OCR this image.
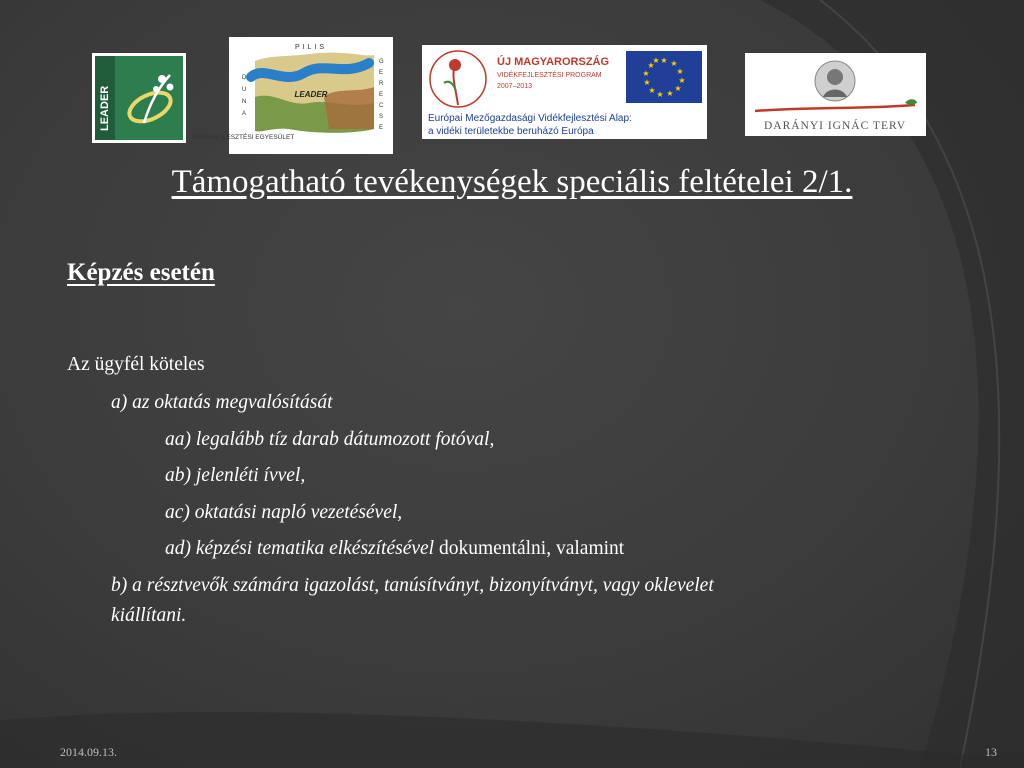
LEADER
PILIS
LEADER
VIDÉKFEJLESZTÉSI EGYESÜLET
D
U
N
A
G
E
R
E
C
S
E
ÚJ MAGYARORSZÁG
VIDÉKFEJLESZTÉSI PROGRAM
2007–2013
★ ★
★
★
★
★
★
★
★
★
★
★
Európai Mezőgazdasági Vidékfejlesztési Alap:
a vidéki területekbe beruházó Európa	DARÁNYI IGNÁC TERV
Támogatható tevékenységek speciális feltételei 2/1.
Képzés esetén
Az ügyfél köteles
a) az oktatás megvalósítását
aa) legalább tíz darab dátumozott fotóval,
ab) jelenléti ívvel,
ac) oktatási napló vezetésével,
ad) képzési tematika elkészítésével dokumentálni, valamint
b) a résztvevők számára igazolást, tanúsítványt, bizonyítványt, vagy oklevelet
kiállítani.
2014.09.13.	13
